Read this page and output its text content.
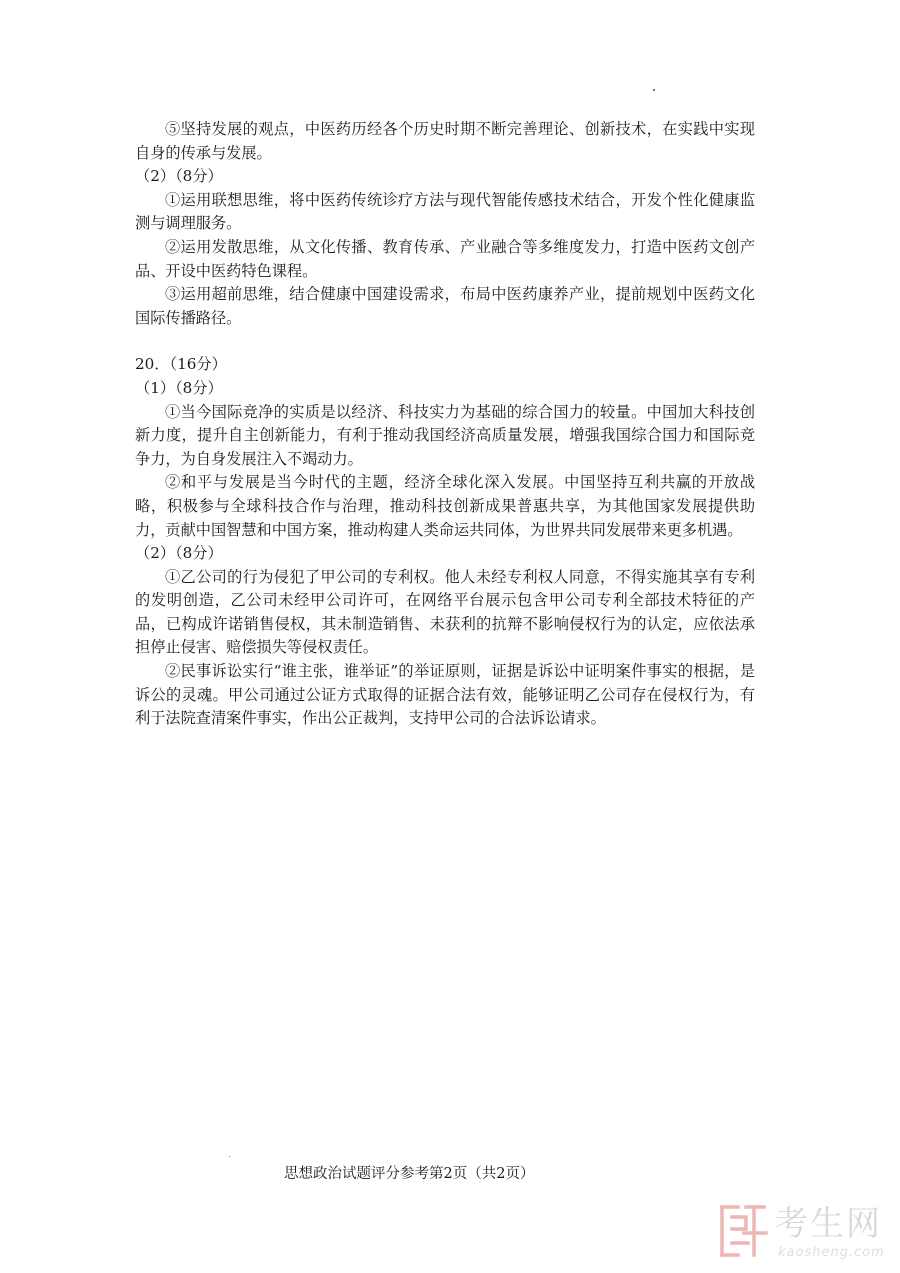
⑤坚持发展的观点，中医药历经各个历史时期不断完善理论、创新技术，在实践中实现自身的传承与发展。

（2）（8分）

①运用联想思维，将中医药传统诊疗方法与现代智能传感技术结合，开发个性化健康监测与调理服务。

②运用发散思维，从文化传播、教育传承、产业融合等多维度发力，打造中医药文创产品、开设中医药特色课程。

③运用超前思维，结合健康中国建设需求，布局中医药康养产业，提前规划中医药文化国际传播路径。

20．（16分）

（1）（8分）

①当今国际竞净的实质是以经济、科技实力为基础的综合国力的较量。中国加大科技创新力度，提升自主创新能力，有利于推动我国经济高质量发展，增强我国综合国力和国际竞争力，为自身发展注入不竭动力。

②和平与发展是当今时代的主题，经济全球化深入发展。中国坚持互利共赢的开放战略，积极参与全球科技合作与治理，推动科技创新成果普惠共享，为其他国家发展提供助力，贡献中国智慧和中国方案，推动构建人类命运共同体，为世界共同发展带来更多机遇。

（2）（8分）

①乙公司的行为侵犯了甲公司的专利权。他人未经专利权人同意，不得实施其享有专利的发明创造，乙公司未经甲公司许可，在网络平台展示包含甲公司专利全部技术特征的产品，已构成许诺销售侵权，其未制造销售、未获利的抗辩不影响侵权行为的认定，应依法承担停止侵害、赔偿损失等侵权责任。

②民事诉讼实行“谁主张，谁举证”的举证原则，证据是诉讼中证明案件事实的根据，是诉公的灵魂。甲公司通过公证方式取得的证据合法有效，能够证明乙公司存在侵权行为，有利于法院查清案件事实，作出公正裁判，支持甲公司的合法诉讼请求。

思想政治试题评分参考第2页（共2页）
考生网
kaosheng.com
